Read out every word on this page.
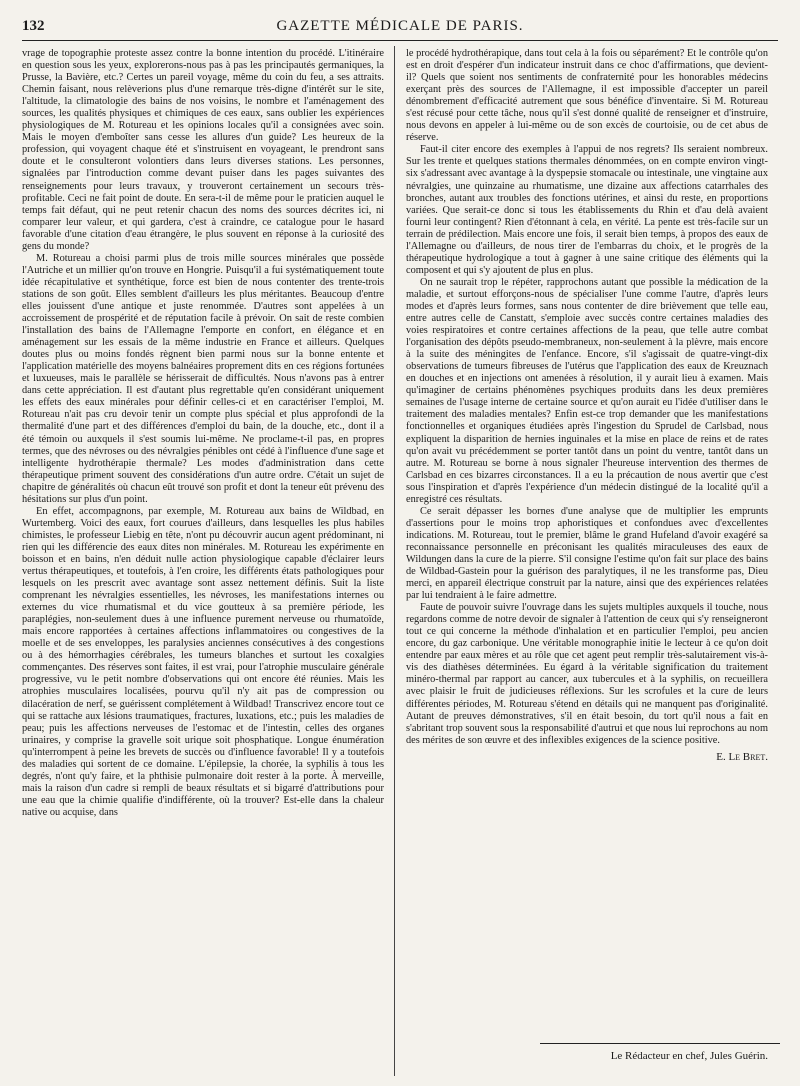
132	GAZETTE MÉDICALE DE PARIS.

vrage de topographie proteste assez contre la bonne intention du procédé. L'itinéraire en question sous les yeux, explorerons-nous pas à pas les principautés germaniques, la Prusse, la Bavière, etc.? Certes un pareil voyage, même du coin du feu, a ses attraits. Chemin faisant, nous relèverions plus d'une remarque très-digne d'intérêt sur le site, l'altitude, la climatologie des bains de nos voisins, le nombre et l'aménagement des sources, les qualités physiques et chimiques de ces eaux, sans oublier les expériences physiologiques de M. Rotureau et les opinions locales qu'il a consignées avec soin. Mais le moyen d'emboîter sans cesse les allures d'un guide? Les heureux de la profession, qui voyagent chaque été et s'instruisent en voyageant, le prendront sans doute et le consulteront volontiers dans leurs diverses stations. Les personnes, signalées par l'introduction comme devant puiser dans les pages suivantes des renseignements pour leurs travaux, y trouveront certainement un secours très-profitable. Ceci ne fait point de doute. En sera-t-il de même pour le praticien auquel le temps fait défaut, qui ne peut retenir chacun des noms des sources décrites ici, ni comparer leur valeur, et qui gardera, c'est à craindre, ce catalogue pour le hasard favorable d'une citation d'eau étrangère, le plus souvent en réponse à la curiosité des gens du monde?

M. Rotureau a choisi parmi plus de trois mille sources minérales que possède l'Autriche et un millier qu'on trouve en Hongrie. Puisqu'il a fui systématiquement toute idée récapitulative et synthétique, force est bien de nous contenter des trente-trois stations de son goût. Elles semblent d'ailleurs les plus méritantes. Beaucoup d'entre elles jouissent d'une antique et juste renommée. D'autres sont appelées à un accroissement de prospérité et de réputation facile à prévoir. On sait de reste combien l'installation des bains de l'Allemagne l'emporte en confort, en élégance et en aménagement sur les essais de la même industrie en France et ailleurs. Quelques doutes plus ou moins fondés règnent bien parmi nous sur la bonne entente et l'application matérielle des moyens balnéaires proprement dits en ces régions fortunées et luxueuses, mais le parallèle se hérisserait de difficultés. Nous n'avons pas à entrer dans cette appréciation. Il est d'autant plus regrettable qu'en considérant uniquement les effets des eaux minérales pour définir celles-ci et en caractériser l'emploi, M. Rotureau n'ait pas cru devoir tenir un compte plus spécial et plus approfondi de la thermalité d'une part et des différences d'emploi du bain, de la douche, etc., dont il a été témoin ou auxquels il s'est soumis lui-même. Ne proclame-t-il pas, en propres termes, que des névroses ou des névralgies pénibles ont cédé à l'influence d'une sage et intelligente hydrothérapie thermale? Les modes d'administration dans cette thérapeutique priment souvent des considérations d'un autre ordre. C'était un sujet de chapitre de généralités où chacun eût trouvé son profit et dont la teneur eût prévenu des hésitations sur plus d'un point.

En effet, accompagnons, par exemple, M. Rotureau aux bains de Wildbad, en Wurtemberg. Voici des eaux, fort courues d'ailleurs, dans lesquelles les plus habiles chimistes, le professeur Liebig en tête, n'ont pu découvrir aucun agent prédominant, ni rien qui les différencie des eaux dites non minérales. M. Rotureau les expérimente en boisson et en bains, n'en déduit nulle action physiologique capable d'éclairer leurs vertus thérapeutiques, et toutefois, à l'en croire, les différents états pathologiques pour lesquels on les prescrit avec avantage sont assez nettement définis. Suit la liste comprenant les névralgies essentielles, les névroses, les manifestations internes ou externes du vice rhumatismal et du vice goutteux à sa première période, les paraplégies, non-seulement dues à une influence purement nerveuse ou rhumatoïde, mais encore rapportées à certaines affections inflammatoires ou congestives de la moelle et de ses enveloppes, les paralysies anciennes consécutives à des congestions ou à des hémorrhagies cérébrales, les tumeurs blanches et surtout les coxalgies commençantes. Des réserves sont faites, il est vrai, pour l'atrophie musculaire générale progressive, vu le petit nombre d'observations qui ont encore été réunies. Mais les atrophies musculaires localisées, pourvu qu'il n'y ait pas de compression ou dilacération de nerf, se guérissent complétement à Wildbad! Transcrivez encore tout ce qui se rattache aux lésions traumatiques, fractures, luxations, etc.; puis les maladies de peau; puis les affections nerveuses de l'estomac et de l'intestin, celles des organes urinaires, y comprise la gravelle soit urique soit phosphatique. Longue énumération qu'interrompent à peine les brevets de succès ou d'influence favorable! Il y a toutefois des maladies qui sortent de ce domaine. L'épilepsie, la chorée, la syphilis à tous les degrés, n'ont qu'y faire, et la phthisie pulmonaire doit rester à la porte. À merveille, mais la raison d'un cadre si rempli de beaux résultats et si bigarré d'attributions pour une eau que la chimie qualifie d'indifférente, où la trouver? Est-elle dans la chaleur native ou acquise, dans

le procédé hydrothérapique, dans tout cela à la fois ou séparément? Et le contrôle qu'on est en droit d'espérer d'un indicateur instruit dans ce choc d'affirmations, que devient-il? Quels que soient nos sentiments de confraternité pour les honorables médecins exerçant près des sources de l'Allemagne, il est impossible d'accepter un pareil dénombrement d'efficacité autrement que sous bénéfice d'inventaire. Si M. Rotureau s'est récusé pour cette tâche, nous qu'il s'est donné qualité de renseigner et d'instruire, nous devons en appeler à lui-même ou de son excès de courtoisie, ou de cet abus de réserve.

Faut-il citer encore des exemples à l'appui de nos regrets? Ils seraient nombreux. Sur les trente et quelques stations thermales dénommées, on en compte environ vingt-six s'adressant avec avantage à la dyspepsie stomacale ou intestinale, une vingtaine aux névralgies, une quinzaine au rhumatisme, une dizaine aux affections catarrhales des bronches, autant aux troubles des fonctions utérines, et ainsi du reste, en proportions variées. Que serait-ce donc si tous les établissements du Rhin et d'au delà avaient fourni leur contingent? Rien d'étonnant à cela, en vérité. La pente est très-facile sur un terrain de prédilection. Mais encore une fois, il serait bien temps, à propos des eaux de l'Allemagne ou d'ailleurs, de nous tirer de l'embarras du choix, et le progrès de la thérapeutique hydrologique a tout à gagner à une saine critique des éléments qui la composent et qui s'y ajoutent de plus en plus.

On ne saurait trop le répéter, rapprochons autant que possible la médication de la maladie, et surtout efforçons-nous de spécialiser l'une comme l'autre, d'après leurs modes et d'après leurs formes, sans nous contenter de dire brièvement que telle eau, entre autres celle de Canstatt, s'emploie avec succès contre certaines maladies des voies respiratoires et contre certaines affections de la peau, que telle autre combat l'organisation des dépôts pseudo-membraneux, non-seulement à la plèvre, mais encore à la suite des méningites de l'enfance. Encore, s'il s'agissait de quatre-vingt-dix observations de tumeurs fibreuses de l'utérus que l'application des eaux de Kreuznach en douches et en injections ont amenées à résolution, il y aurait lieu à examen. Mais qu'imaginer de certains phénomènes psychiques produits dans les deux premières semaines de l'usage interne de certaine source et qu'on aurait eu l'idée d'utiliser dans le traitement des maladies mentales? Enfin est-ce trop demander que les manifestations fonctionnelles et organiques étudiées après l'ingestion du Sprudel de Carlsbad, nous expliquent la disparition de hernies inguinales et la mise en place de reins et de rates qu'on avait vu précédemment se porter tantôt dans un point du ventre, tantôt dans un autre. M. Rotureau se borne à nous signaler l'heureuse intervention des thermes de Carlsbad en ces bizarres circonstances. Il a eu la précaution de nous avertir que c'est sous l'inspiration et d'après l'expérience d'un médecin distingué de la localité qu'il a enregistré ces résultats.

Ce serait dépasser les bornes d'une analyse que de multiplier les emprunts d'assertions pour le moins trop aphoristiques et confondues avec d'excellentes indications. M. Rotureau, tout le premier, blâme le grand Hufeland d'avoir exagéré sa reconnaissance personnelle en préconisant les qualités miraculeuses des eaux de Wildungen dans la cure de la pierre. S'il consigne l'estime qu'on fait sur place des bains de Wildbad-Gastein pour la guérison des paralytiques, il ne les transforme pas, Dieu merci, en appareil électrique construit par la nature, ainsi que des expériences relatées par lui tendraient à le faire admettre.

Faute de pouvoir suivre l'ouvrage dans les sujets multiples auxquels il touche, nous regardons comme de notre devoir de signaler à l'attention de ceux qui s'y renseigneront tout ce qui concerne la méthode d'inhalation et en particulier l'emploi, peu ancien encore, du gaz carbonique. Une véritable monographie initie le lecteur à ce qu'on doit entendre par eaux mères et au rôle que cet agent peut remplir très-salutairement vis-à-vis des diathèses déterminées. Eu égard à la véritable signification du traitement minéro-thermal par rapport au cancer, aux tubercules et à la syphilis, on recueillera avec plaisir le fruit de judicieuses réflexions. Sur les scrofules et la cure de leurs différentes périodes, M. Rotureau s'étend en détails qui ne manquent pas d'originalité. Autant de preuves démonstratives, s'il en était besoin, du tort qu'il nous a fait en s'abritant trop souvent sous la responsabilité d'autrui et que nous lui reprochons au nom des mérites de son œuvre et des inflexibles exigences de la science positive.

E. Le Bret.
Le Rédacteur en chef, Jules Guérin.
